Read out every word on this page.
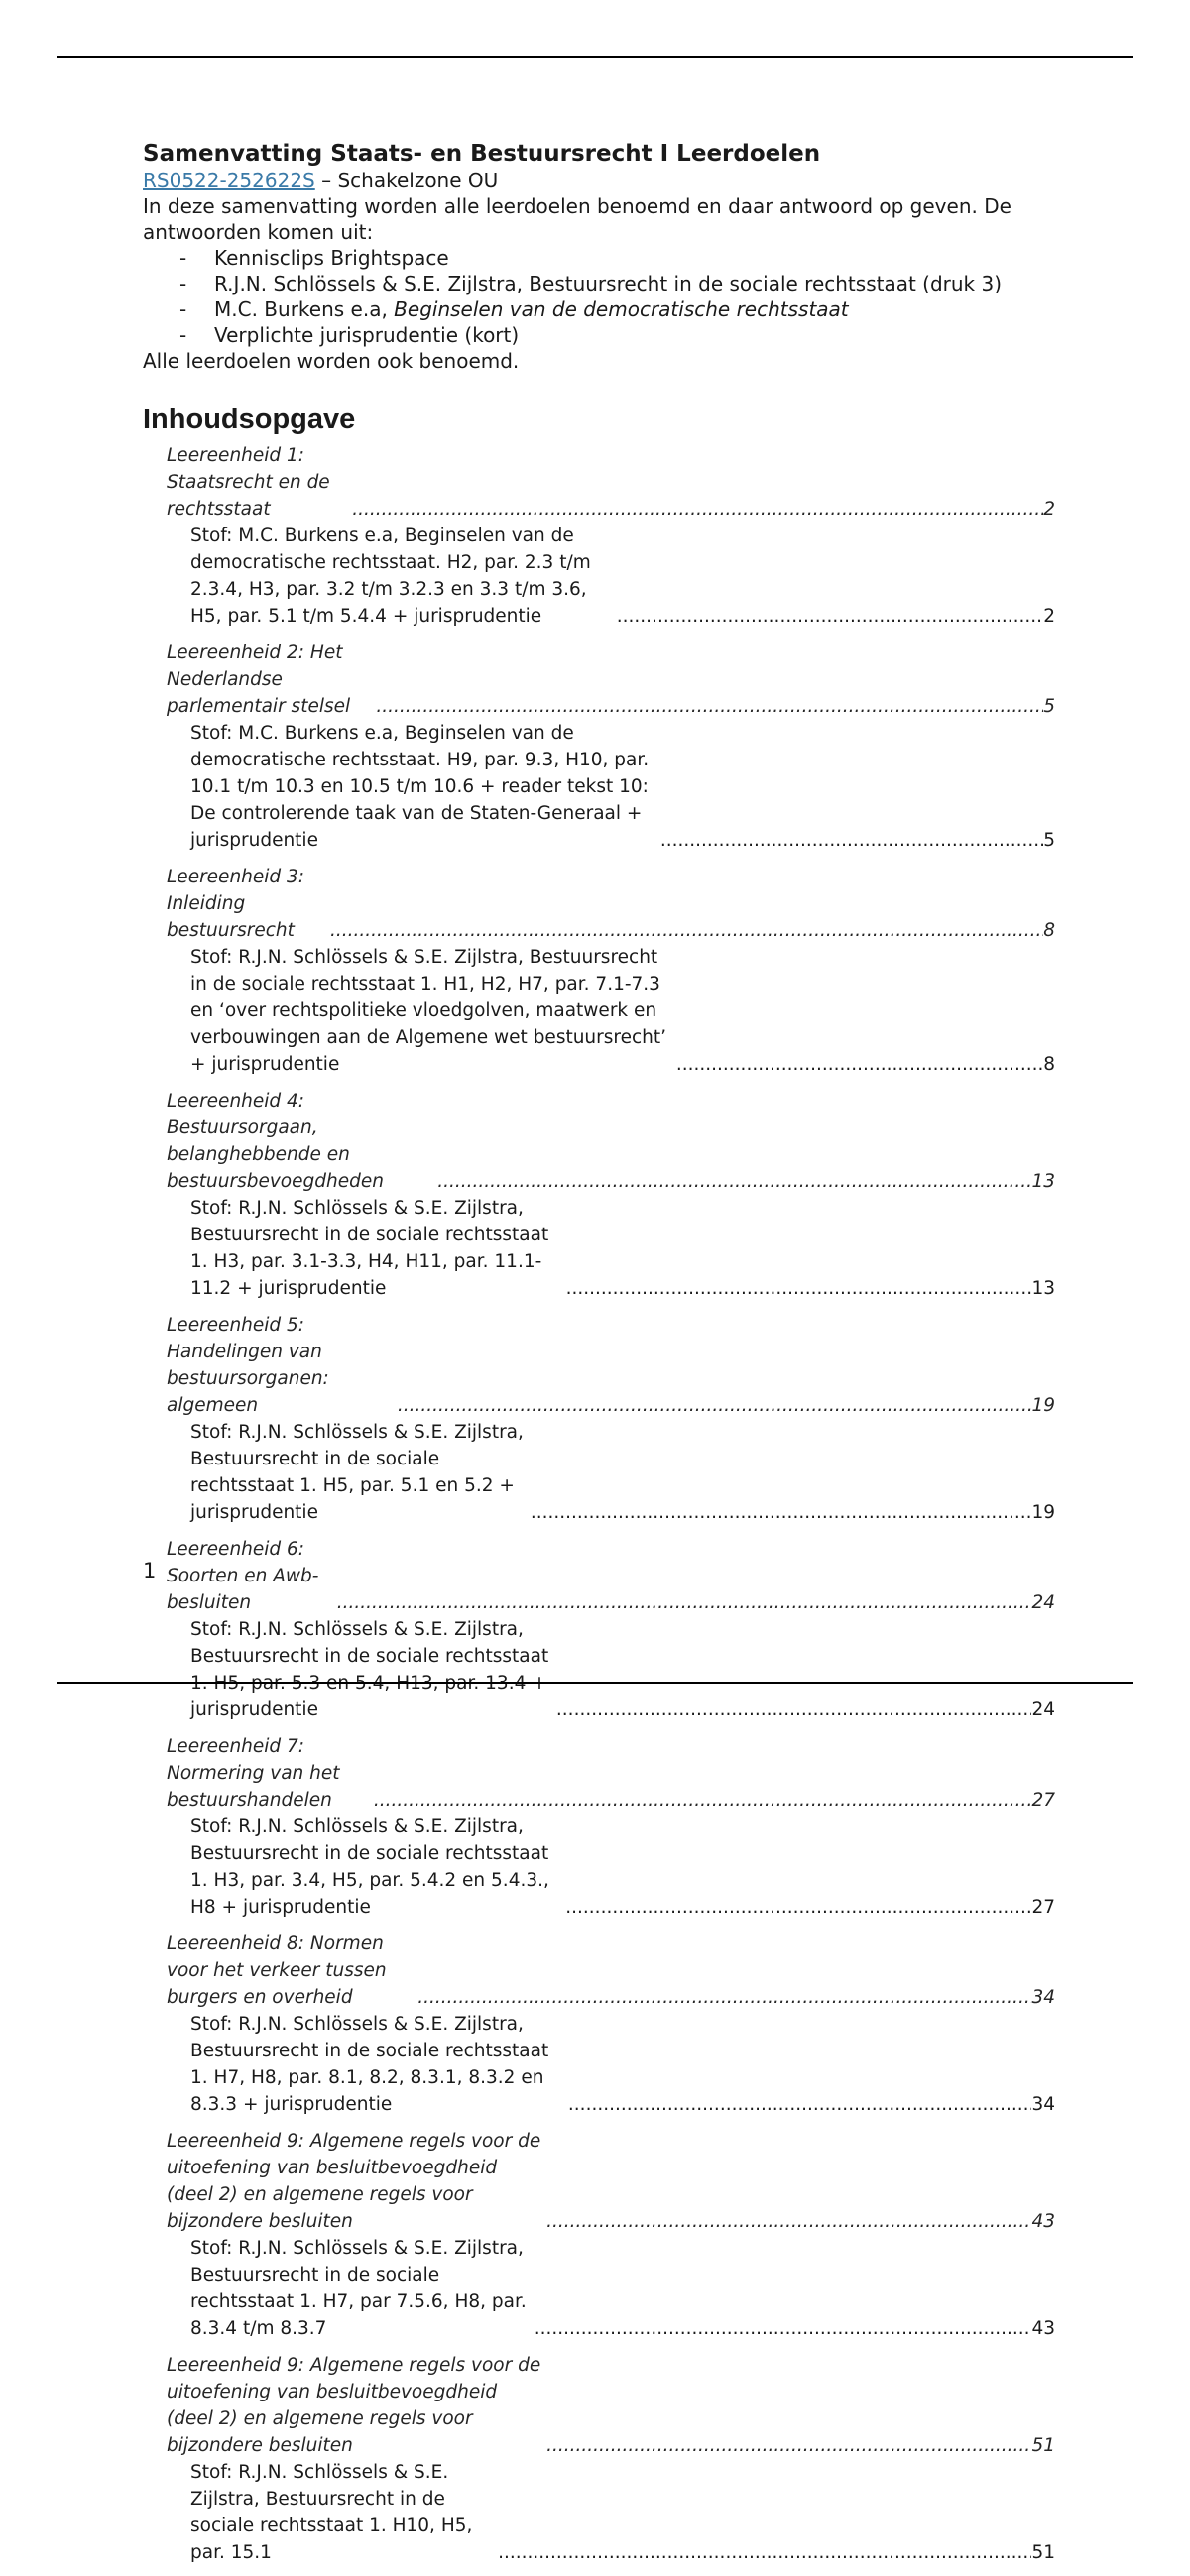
Samenvatting Staats- en Bestuursrecht I Leerdoelen
RS0522-252622S – Schakelzone OU
In deze samenvatting worden alle leerdoelen benoemd en daar antwoord op geven. De antwoorden komen uit:
- Kennisclips Brightspace
- R.J.N. Schlössels & S.E. Zijlstra, Bestuursrecht in de sociale rechtsstaat (druk 3)
- M.C. Burkens e.a, Beginselen van de democratische rechtsstaat
- Verplichte jurisprudentie (kort)
Alle leerdoelen worden ook benoemd.
Inhoudsopgave
Leereenheid 1: Staatsrecht en de rechtsstaat .....	2
Stof: M.C. Burkens e.a, Beginselen van de democratische rechtsstaat. H2, par. 2.3 t/m 2.3.4, H3, par. 3.2 t/m 3.2.3 en 3.3 t/m 3.6, H5, par. 5.1 t/m 5.4.4 + jurisprudentie .....	2
Leereenheid 2: Het Nederlandse parlementair stelsel .....	5
Stof: M.C. Burkens e.a, Beginselen van de democratische rechtsstaat. H9, par. 9.3, H10, par. 10.1 t/m 10.3 en 10.5 t/m 10.6 + reader tekst 10: De controlerende taak van de Staten-Generaal + jurisprudentie .....	5
Leereenheid 3: Inleiding bestuursrecht .....	8
Stof: R.J.N. Schlössels & S.E. Zijlstra, Bestuursrecht in de sociale rechtsstaat 1. H1, H2, H7, par. 7.1-7.3 en ‘over rechtspolitieke vloedgolven, maatwerk en verbouwingen aan de Algemene wet bestuursrecht’ + jurisprudentie .....	8
Leereenheid 4: Bestuursorgaan, belanghebbende en bestuursbevoegdheden .....	13
Stof: R.J.N. Schlössels & S.E. Zijlstra, Bestuursrecht in de sociale rechtsstaat 1. H3, par. 3.1-3.3, H4, H11, par. 11.1-11.2 + jurisprudentie .....	13
Leereenheid 5: Handelingen van bestuursorganen: algemeen .....	19
Stof: R.J.N. Schlössels & S.E. Zijlstra, Bestuursrecht in de sociale rechtsstaat 1. H5, par. 5.1 en 5.2 + jurisprudentie .....	19
Leereenheid 6: Soorten en Awb-besluiten .....	24
Stof: R.J.N. Schlössels & S.E. Zijlstra, Bestuursrecht in de sociale rechtsstaat 1. H5, par. 5.3 en 5.4, H13, par. 13.4 + jurisprudentie .....	24
Leereenheid 7: Normering van het bestuurshandelen .....	27
Stof: R.J.N. Schlössels & S.E. Zijlstra, Bestuursrecht in de sociale rechtsstaat 1. H3, par. 3.4, H5, par. 5.4.2 en 5.4.3., H8 + jurisprudentie .....	27
Leereenheid 8: Normen voor het verkeer tussen burgers en overheid .....	34
Stof: R.J.N. Schlössels & S.E. Zijlstra, Bestuursrecht in de sociale rechtsstaat 1. H7, H8, par. 8.1, 8.2, 8.3.1, 8.3.2 en 8.3.3 + jurisprudentie .....	34
Leereenheid 9: Algemene regels voor de uitoefening van besluitbevoegdheid (deel 2) en algemene regels voor bijzondere besluiten .....	43
Stof: R.J.N. Schlössels & S.E. Zijlstra, Bestuursrecht in de sociale rechtsstaat 1. H7, par 7.5.6, H8, par. 8.3.4 t/m 8.3.7 .....	43
Leereenheid 9: Algemene regels voor de uitoefening van besluitbevoegdheid (deel 2) en algemene regels voor bijzondere besluiten .....	51
Stof: R.J.N. Schlössels & S.E. Zijlstra, Bestuursrecht in de sociale rechtsstaat 1. H10, H5, par. 15.1 .....	51
1
